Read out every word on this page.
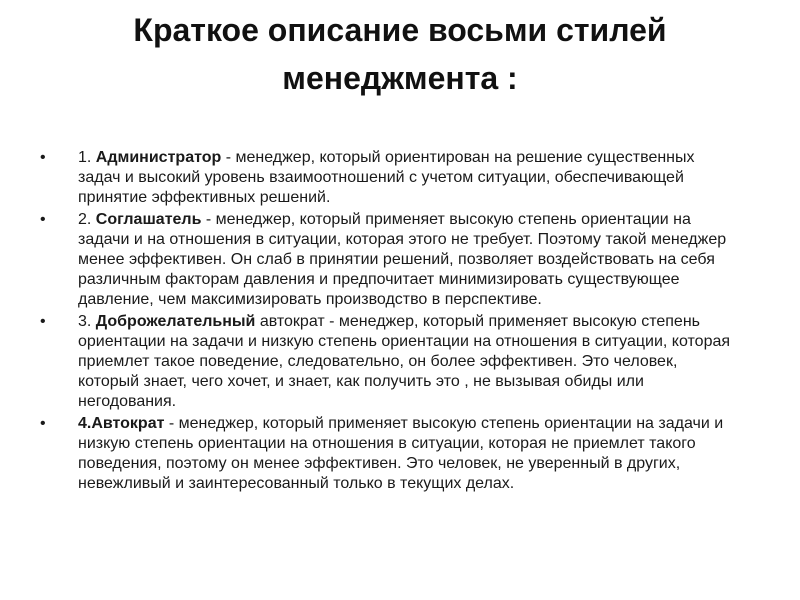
Краткое описание восьми стилей
менеджмента :
•	1. Администратор - менеджер, который ориентирован на решение существенных задач и высокий уровень взаимоотношений с учетом ситуации, обеспечивающей принятие эффективных решений.
•	2. Соглашатель - менеджер, который применяет высокую степень ориентации на задачи и на отношения в ситуации, которая этого не требует. Поэтому такой менеджер менее эффективен. Он слаб в принятии решений, позволяет воздействовать на себя различным факторам давления и предпочитает минимизировать существующее давление, чем максимизировать производство в перспективе.
•	3. Доброжелательный автократ - менеджер, который применяет высокую степень ориентации на задачи и низкую степень ориентации на отношения в ситуации, которая приемлет такое поведение, следовательно, он более эффективен. Это человек, который знает, чего хочет, и знает, как получить это , не вызывая обиды или негодования.
•	4.Автократ - менеджер, который применяет высокую степень ориентации на задачи и низкую степень ориентации на отношения в ситуации, которая не приемлет такого поведения, поэтому он менее эффективен. Это человек, не уверенный в других, невежливый и заинтересованный только в текущих делах.
